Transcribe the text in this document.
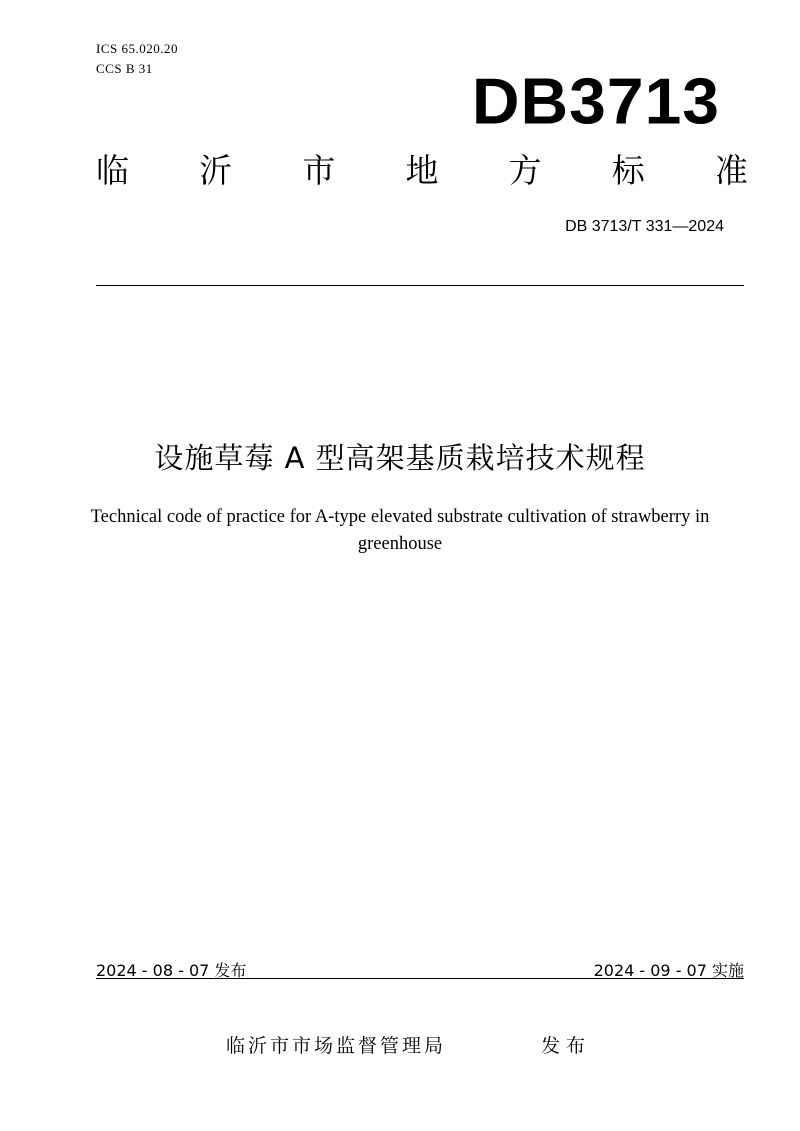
ICS 65.020.20
CCS B 31	DB3713
临 沂 市 地 方 标 准
DB 3713/T 331—2024
设施草莓 A 型高架基质栽培技术规程
Technical code of practice for A-type elevated substrate cultivation of strawberry in
greenhouse
2024 - 08 - 07 发布	2024 - 09 - 07 实施
临沂市市场监督管理局	发布
